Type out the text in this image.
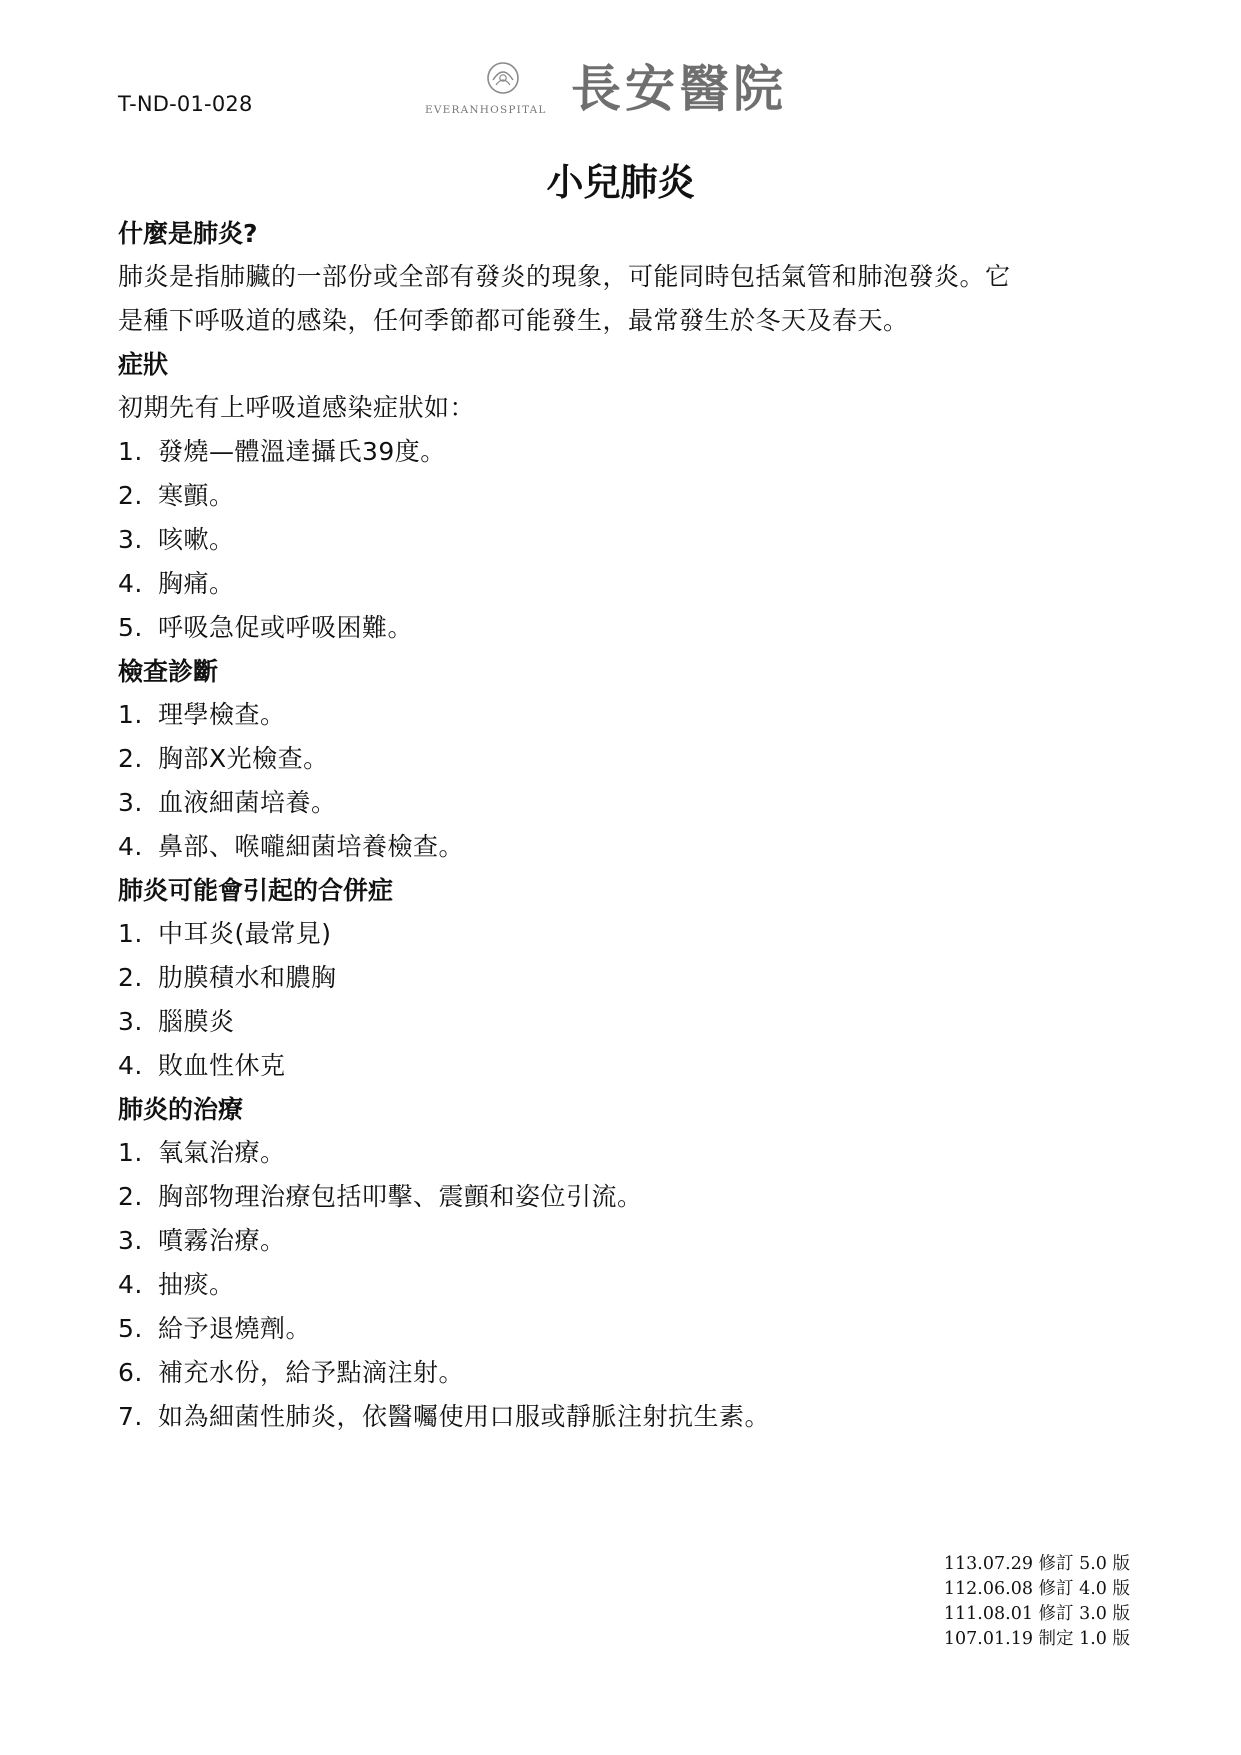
T-ND-01-028	EVERANHOSPITAL 長安醫院
小兒肺炎
什麼是肺炎?

肺炎是指肺臟的一部份或全部有發炎的現象，可能同時包括氣管和肺泡發炎。它

是種下呼吸道的感染，任何季節都可能發生，最常發生於冬天及春天。

症狀

初期先有上呼吸道感染症狀如：

1. 發燒—體溫達攝氏39度。
2. 寒顫。
3. 咳嗽。
4. 胸痛。
5. 呼吸急促或呼吸困難。
檢查診斷
1. 理學檢查。
2. 胸部X光檢查。
3. 血液細菌培養。
4. 鼻部、喉嚨細菌培養檢查。
肺炎可能會引起的合併症
1. 中耳炎(最常見)
2. 肋膜積水和膿胸
3. 腦膜炎
4. 敗血性休克
肺炎的治療
1. 氧氣治療。
2. 胸部物理治療包括叩擊、震顫和姿位引流。
3. 噴霧治療。
4. 抽痰。
5. 給予退燒劑。
6. 補充水份，給予點滴注射。
7. 如為細菌性肺炎，依醫囑使用口服或靜脈注射抗生素。
113.07.29 修訂 5.0 版
112.06.08 修訂 4.0 版
111.08.01 修訂 3.0 版
107.01.19 制定 1.0 版
